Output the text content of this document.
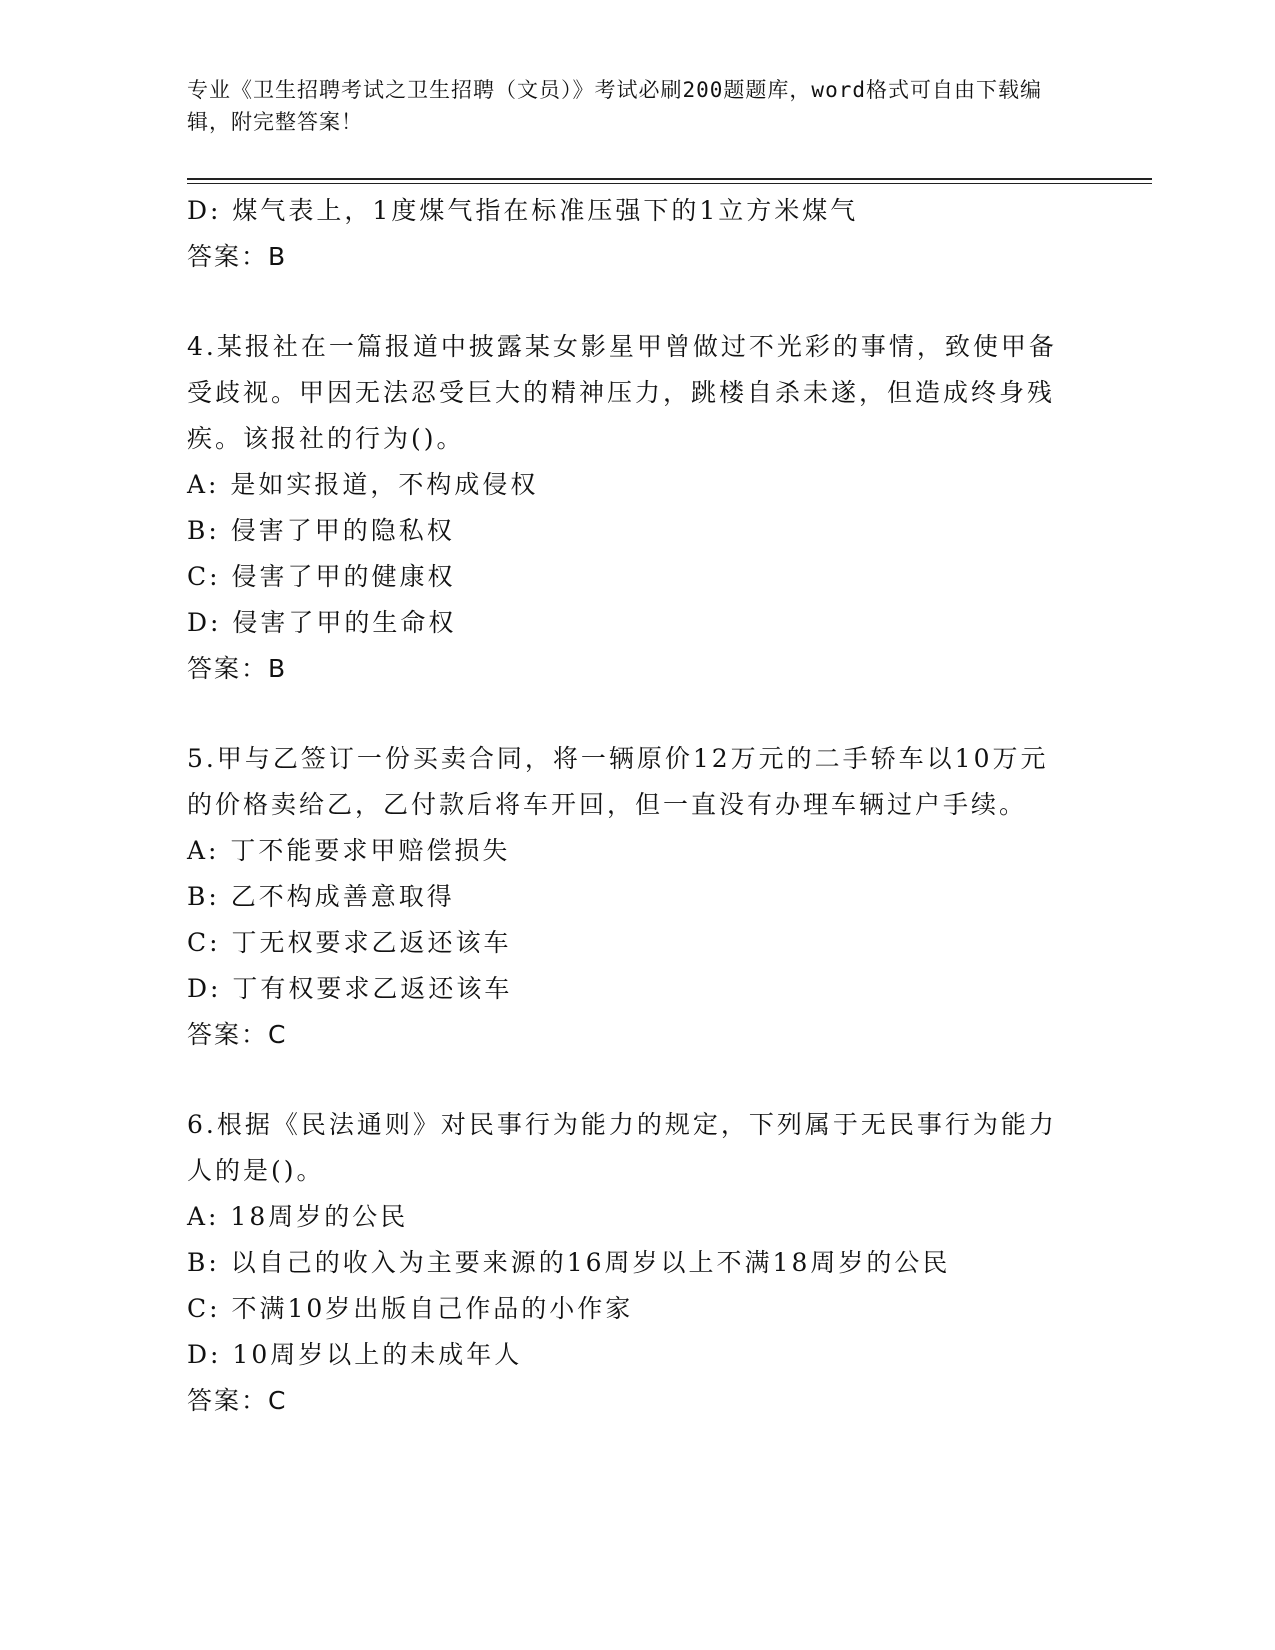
专业《卫生招聘考试之卫生招聘（文员）》考试必刷200题题库，word格式可自由下载编辑，附完整答案！
D: 煤气表上，1度煤气指在标准压强下的1立方米煤气
答案：B
4.某报社在一篇报道中披露某女影星甲曾做过不光彩的事情，致使甲备受歧视。甲因无法忍受巨大的精神压力，跳楼自杀未遂，但造成终身残疾。该报社的行为()。
A: 是如实报道，不构成侵权
B: 侵害了甲的隐私权
C: 侵害了甲的健康权
D: 侵害了甲的生命权
答案：B
5.甲与乙签订一份买卖合同，将一辆原价12万元的二手轿车以10万元的价格卖给乙，乙付款后将车开回，但一直没有办理车辆过户手续。
A: 丁不能要求甲赔偿损失
B: 乙不构成善意取得
C: 丁无权要求乙返还该车
D: 丁有权要求乙返还该车
答案：C
6.根据《民法通则》对民事行为能力的规定，下列属于无民事行为能力人的是()。
A: 18周岁的公民
B: 以自己的收入为主要来源的16周岁以上不满18周岁的公民
C: 不满10岁出版自己作品的小作家
D: 10周岁以上的未成年人
答案：C
